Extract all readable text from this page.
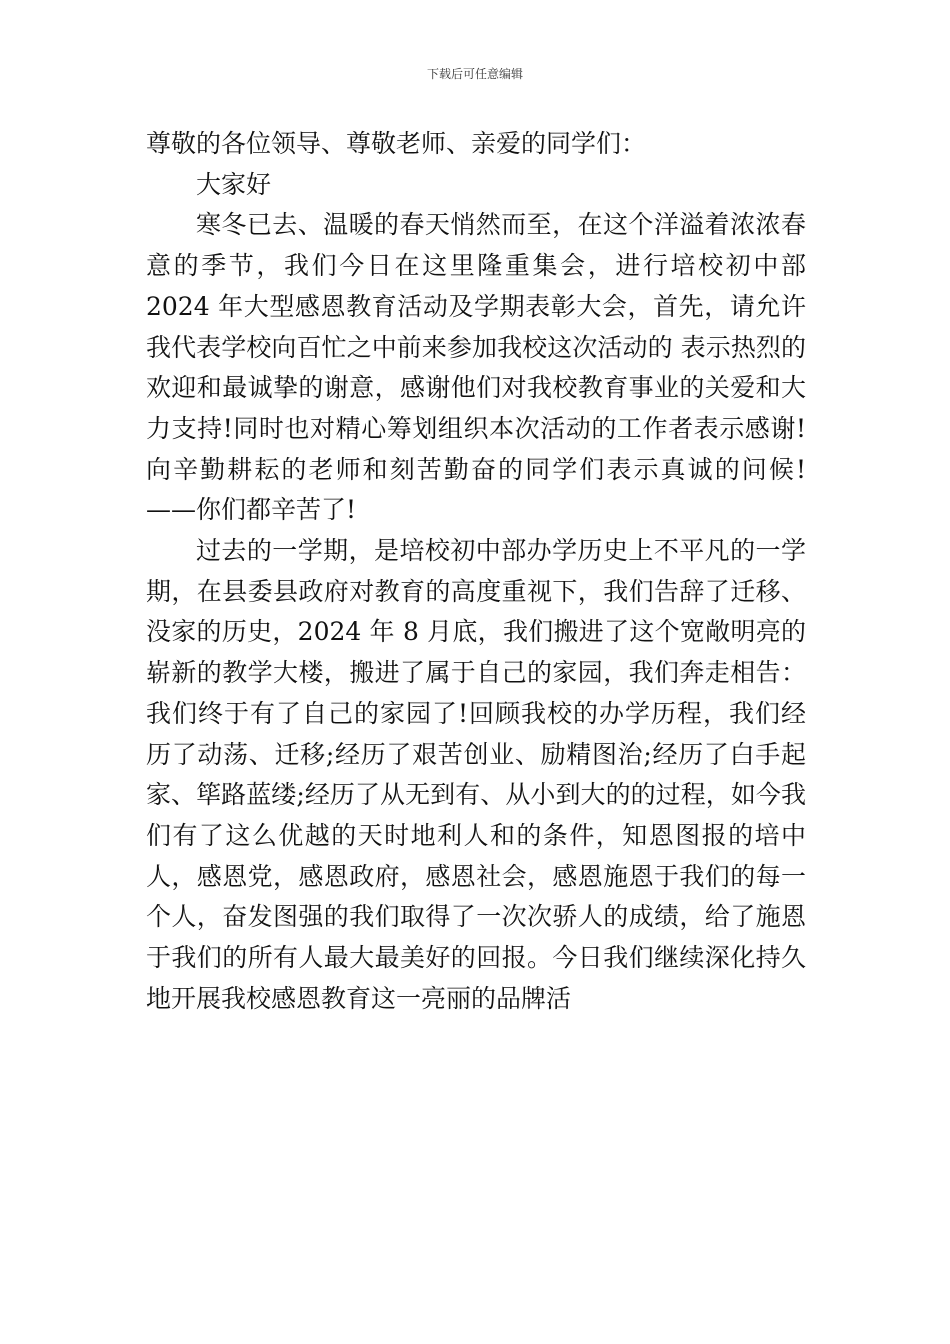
下载后可任意编辑

尊敬的各位领导、尊敬老师、亲爱的同学们：

大家好

寒冬已去、温暖的春天悄然而至，在这个洋溢着浓浓春意的季节，我们今日在这里隆重集会，进行培校初中部 2024 年大型感恩教育活动及学期表彰大会，首先，请允许我代表学校向百忙之中前来参加我校这次活动的 表示热烈的欢迎和最诚挚的谢意，感谢他们对我校教育事业的关爱和大力支持!同时也对精心筹划组织本次活动的工作者表示感谢!向辛勤耕耘的老师和刻苦勤奋的同学们表示真诚的问候!——你们都辛苦了!

过去的一学期，是培校初中部办学历史上不平凡的一学期，在县委县政府对教育的高度重视下，我们告辞了迁移、没家的历史，2024 年 8 月底，我们搬进了这个宽敞明亮的崭新的教学大楼，搬进了属于自己的家园，我们奔走相告：我们终于有了自己的家园了!回顾我校的办学历程，我们经历了动荡、迁移;经历了艰苦创业、励精图治;经历了白手起家、筚路蓝缕;经历了从无到有、从小到大的的过程，如今我们有了这么优越的天时地利人和的条件，知恩图报的培中人，感恩党，感恩政府，感恩社会，感恩施恩于我们的每一个人，奋发图强的我们取得了一次次骄人的成绩，给了施恩于我们的所有人最大最美好的回报。今日我们继续深化持久地开展我校感恩教育这一亮丽的品牌活
